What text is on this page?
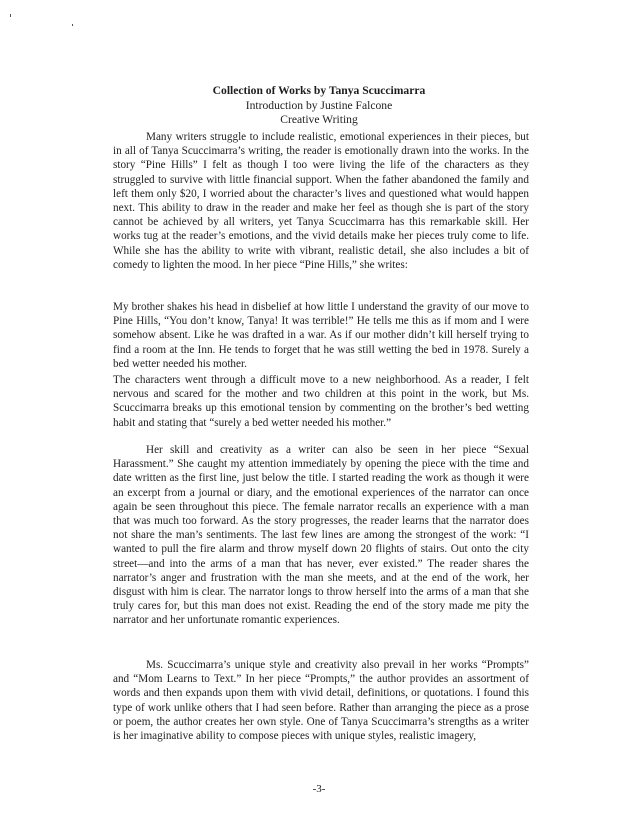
Collection of Works by Tanya Scuccimarra
Introduction by Justine Falcone
Creative Writing

Many writers struggle to include realistic, emotional experiences in their pieces, but in all of Tanya Scuccimarra’s writing, the reader is emotionally drawn into the works. In the story “Pine Hills” I felt as though I too were living the life of the characters as they struggled to survive with little financial support. When the father abandoned the family and left them only $20, I worried about the character’s lives and questioned what would happen next. This ability to draw in the reader and make her feel as though she is part of the story cannot be achieved by all writers, yet Tanya Scuccimarra has this remarkable skill. Her works tug at the reader’s emotions, and the vivid details make her pieces truly come to life. While she has the ability to write with vibrant, realistic detail, she also includes a bit of comedy to lighten the mood. In her piece “Pine Hills,” she writes:

My brother shakes his head in disbelief at how little I understand the gravity of our move to Pine Hills, “You don’t know, Tanya! It was terrible!” He tells me this as if mom and I were somehow absent. Like he was drafted in a war. As if our mother didn’t kill herself trying to find a room at the Inn. He tends to forget that he was still wetting the bed in 1978. Surely a bed wetter needed his mother.

The characters went through a difficult move to a new neighborhood. As a reader, I felt nervous and scared for the mother and two children at this point in the work, but Ms. Scuccimarra breaks up this emotional tension by commenting on the brother’s bed wetting habit and stating that “surely a bed wetter needed his mother.”

Her skill and creativity as a writer can also be seen in her piece “Sexual Harassment.” She caught my attention immediately by opening the piece with the time and date written as the first line, just below the title. I started reading the work as though it were an excerpt from a journal or diary, and the emotional experiences of the narrator can once again be seen throughout this piece. The female narrator recalls an experience with a man that was much too forward. As the story progresses, the reader learns that the narrator does not share the man’s sentiments. The last few lines are among the strongest of the work: “I wanted to pull the fire alarm and throw myself down 20 flights of stairs. Out onto the city street—and into the arms of a man that has never, ever existed.” The reader shares the narrator’s anger and frustration with the man she meets, and at the end of the work, her disgust with him is clear. The narrator longs to throw herself into the arms of a man that she truly cares for, but this man does not exist. Reading the end of the story made me pity the narrator and her unfortunate romantic experiences.

Ms. Scuccimarra’s unique style and creativity also prevail in her works “Prompts” and “Mom Learns to Text.” In her piece “Prompts,” the author provides an assortment of words and then expands upon them with vivid detail, definitions, or quotations. I found this type of work unlike others that I had seen before. Rather than arranging the piece as a prose or poem, the author creates her own style. One of Tanya Scuccimarra’s strengths as a writer is her imaginative ability to compose pieces with unique styles, realistic imagery,

-3-
